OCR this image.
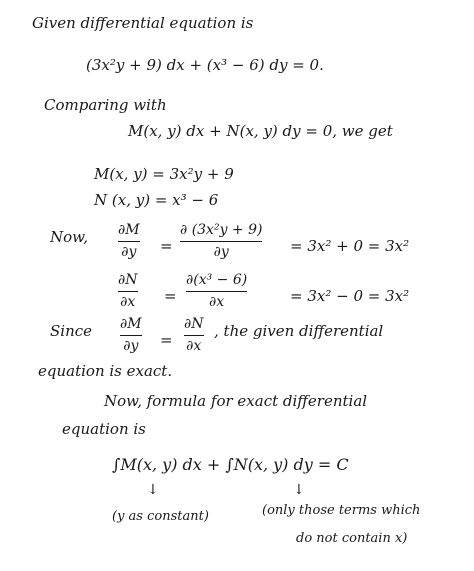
Given differential equation is
(3x²y + 9) dx + (x³ − 6) dy = 0.
Comparing with
M(x, y) dx + N(x, y) dy = 0, we get
M(x, y) = 3x²y + 9
N (x, y) = x³ − 6
Now, ∂M
∂y =
∂ (3x²y + 9)
∂y	= 3x² + 0 = 3x²
∂N
∂x =
∂(x³ − 6)
∂x	= 3x² − 0 = 3x²
Since ∂M
∂y =
∂N
∂x
, the given differential
equation is exact.
Now, formula for exact differential
equation is
∫M(x, y) dx + ∫N(x, y) dy = C
↓	↓
(y as constant)	(only those terms which
do not contain x)
